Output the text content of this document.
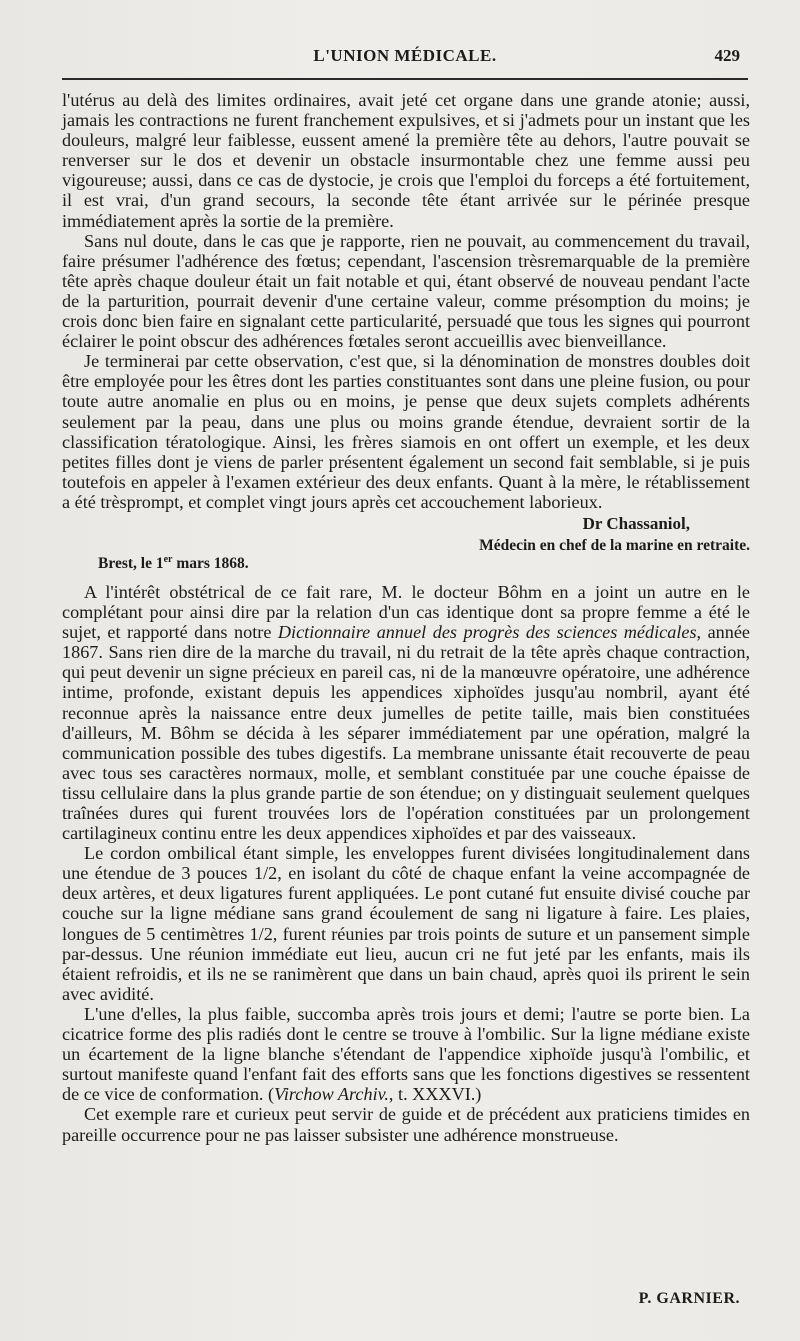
L'UNION MÉDICALE.	429

l'utérus au delà des limites ordinaires, avait jeté cet organe dans une grande atonie; aussi, jamais les contractions ne furent franchement expulsives, et si j'admets pour un instant que les douleurs, malgré leur faiblesse, eussent amené la première tête au dehors, l'autre pouvait se renverser sur le dos et devenir un obstacle insurmontable chez une femme aussi peu vigoureuse; aussi, dans ce cas de dystocie, je crois que l'emploi du forceps a été fortuitement, il est vrai, d'un grand secours, la seconde tête étant arrivée sur le périnée presque immédiatement après la sortie de la première.

Sans nul doute, dans le cas que je rapporte, rien ne pouvait, au commencement du travail, faire présumer l'adhérence des fœtus; cependant, l'ascension trèsremarquable de la première tête après chaque douleur était un fait notable et qui, étant observé de nouveau pendant l'acte de la parturition, pourrait devenir d'une certaine valeur, comme présomption du moins; je crois donc bien faire en signalant cette particularité, persuadé que tous les signes qui pourront éclairer le point obscur des adhérences fœtales seront accueillis avec bienveillance.

Je terminerai par cette observation, c'est que, si la dénomination de monstres doubles doit être employée pour les êtres dont les parties constituantes sont dans une pleine fusion, ou pour toute autre anomalie en plus ou en moins, je pense que deux sujets complets adhérents seulement par la peau, dans une plus ou moins grande étendue, devraient sortir de la classification tératologique. Ainsi, les frères siamois en ont offert un exemple, et les deux petites filles dont je viens de parler présentent également un second fait semblable, si je puis toutefois en appeler à l'examen extérieur des deux enfants. Quant à la mère, le rétablissement a été trèsprompt, et complet vingt jours après cet accouchement laborieux.

Dr Chassaniol,
Médecin en chef de la marine en retraite.
Brest, le 1er mars 1868.

A l'intérêt obstétrical de ce fait rare, M. le docteur Bôhm en a joint un autre en le complétant pour ainsi dire par la relation d'un cas identique dont sa propre femme a été le sujet, et rapporté dans notre Dictionnaire annuel des progrès des sciences médicales, année 1867. Sans rien dire de la marche du travail, ni du retrait de la tête après chaque contraction, qui peut devenir un signe précieux en pareil cas, ni de la manœuvre opératoire, une adhérence intime, profonde, existant depuis les appendices xiphoïdes jusqu'au nombril, ayant été reconnue après la naissance entre deux jumelles de petite taille, mais bien constituées d'ailleurs, M. Bôhm se décida à les séparer immédiatement par une opération, malgré la communication possible des tubes digestifs. La membrane unissante était recouverte de peau avec tous ses caractères normaux, molle, et semblant constituée par une couche épaisse de tissu cellulaire dans la plus grande partie de son étendue; on y distinguait seulement quelques traînées dures qui furent trouvées lors de l'opération constituées par un prolongement cartilagineux continu entre les deux appendices xiphoïdes et par des vaisseaux.

Le cordon ombilical étant simple, les enveloppes furent divisées longitudinalement dans une étendue de 3 pouces 1/2, en isolant du côté de chaque enfant la veine accompagnée de deux artères, et deux ligatures furent appliquées. Le pont cutané fut ensuite divisé couche par couche sur la ligne médiane sans grand écoulement de sang ni ligature à faire. Les plaies, longues de 5 centimètres 1/2, furent réunies par trois points de suture et un pansement simple par-dessus. Une réunion immédiate eut lieu, aucun cri ne fut jeté par les enfants, mais ils étaient refroidis, et ils ne se ranimèrent que dans un bain chaud, après quoi ils prirent le sein avec avidité.

L'une d'elles, la plus faible, succomba après trois jours et demi; l'autre se porte bien. La cicatrice forme des plis radiés dont le centre se trouve à l'ombilic. Sur la ligne médiane existe un écartement de la ligne blanche s'étendant de l'appendice xiphoïde jusqu'à l'ombilic, et surtout manifeste quand l'enfant fait des efforts sans que les fonctions digestives se ressentent de ce vice de conformation. (Virchow Archiv., t. XXXVI.)

Cet exemple rare et curieux peut servir de guide et de précédent aux praticiens timides en pareille occurrence pour ne pas laisser subsister une adhérence monstrueuse.

P. GARNIER.
